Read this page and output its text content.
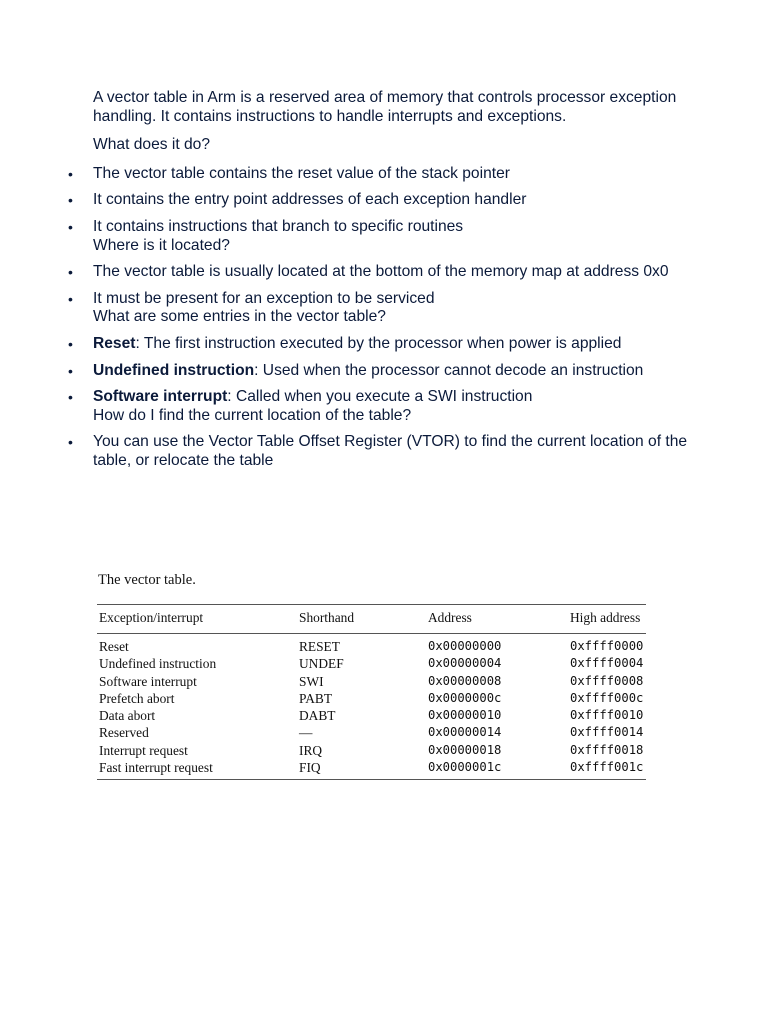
A vector table in Arm is a reserved area of memory that controls processor exception handling. It contains instructions to handle interrupts and exceptions.

What does it do?

• The vector table contains the reset value of the stack pointer
• It contains the entry point addresses of each exception handler
• It contains instructions that branch to specific routines
Where is it located?
• The vector table is usually located at the bottom of the memory map at address 0x0
• It must be present for an exception to be serviced
What are some entries in the vector table?
• Reset: The first instruction executed by the processor when power is applied
• Undefined instruction: Used when the processor cannot decode an instruction
• Software interrupt: Called when you execute a SWI instruction
How do I find the current location of the table?
• You can use the Vector Table Offset Register (VTOR) to find the current location of the table, or relocate the table
The vector table.
Exception/interrupt	Shorthand	Address	High address
Reset	RESET	0x00000000	0xffff0000
Undefined instruction	UNDEF	0x00000004	0xffff0004
Software interrupt	SWI	0x00000008	0xffff0008
Prefetch abort	PABT	0x0000000c	0xffff000c
Data abort	DABT	0x00000010	0xffff0010
Reserved	—	0x00000014	0xffff0014
Interrupt request	IRQ	0x00000018	0xffff0018
Fast interrupt request	FIQ	0x0000001c	0xffff001c
